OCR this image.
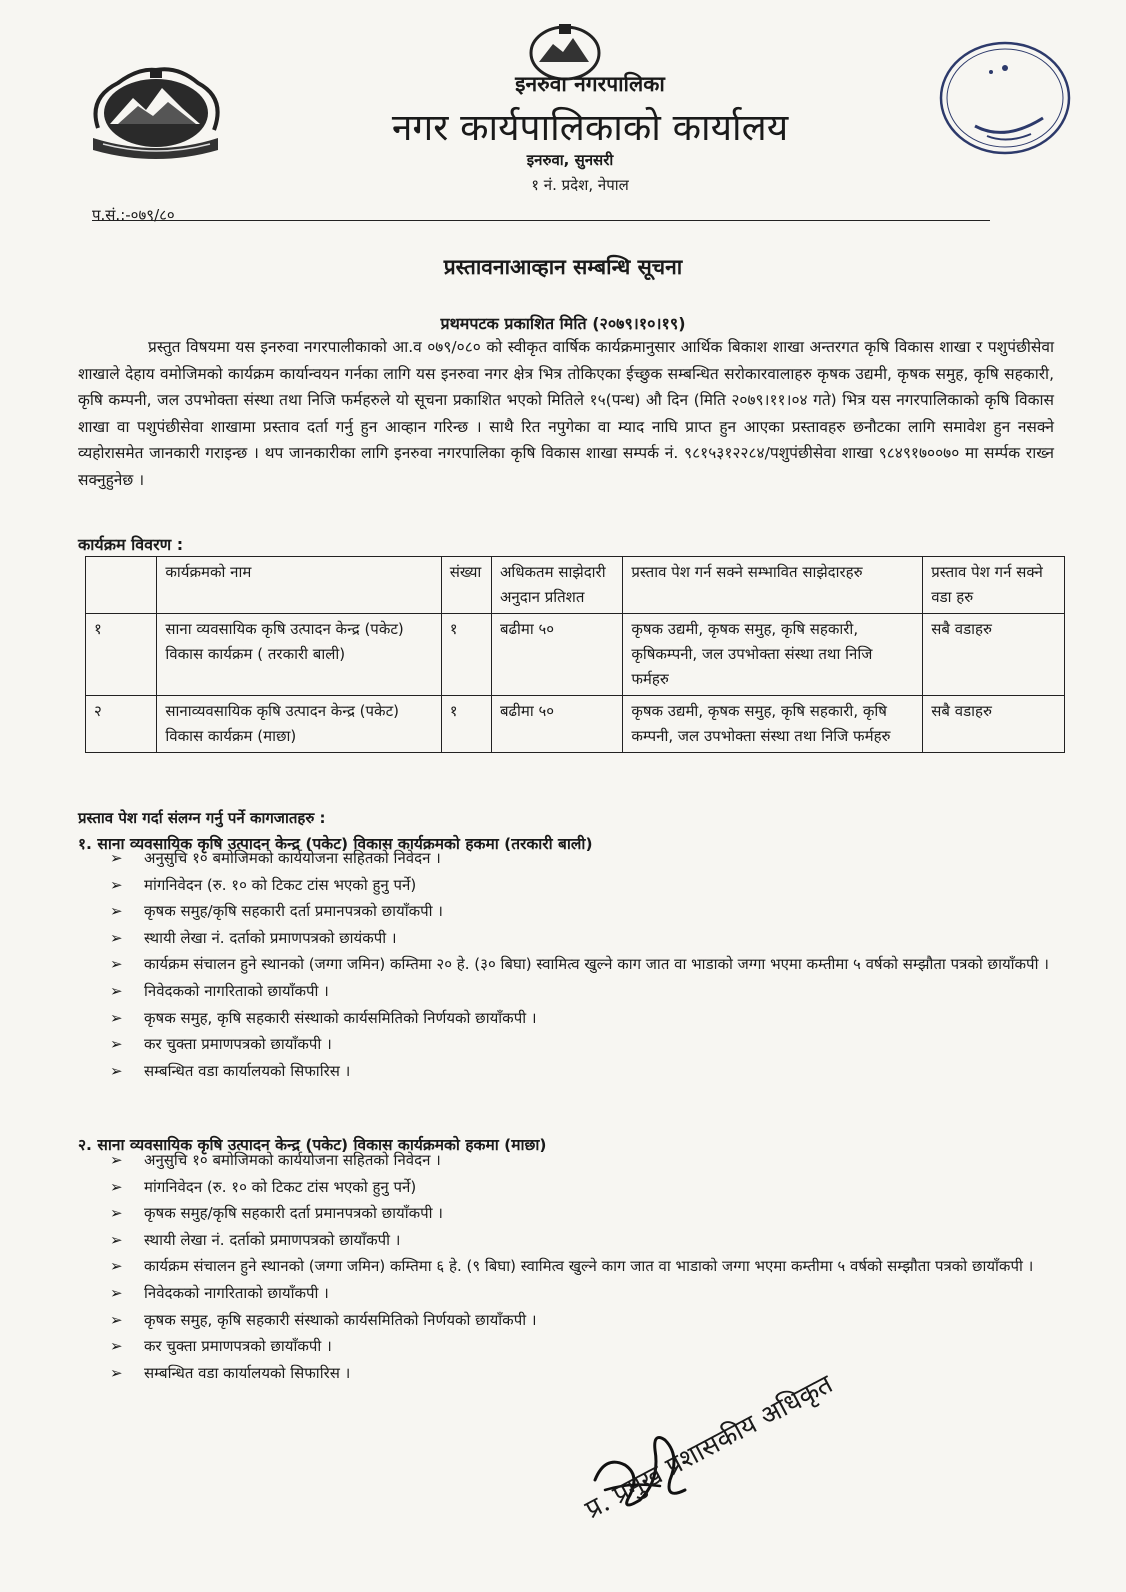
इनरुवा नगरपालिका
नगर कार्यपालिकाको कार्यालय
इनरुवा, सुनसरी
१ नं. प्रदेश, नेपाल
प.सं.:-०७९/८०
प्रस्तावनाआव्हान सम्बन्धि सूचना
प्रथमपटक प्रकाशित मिति (२०७९।१०।१९)

प्रस्तुत विषयमा यस इनरुवा नगरपालीकाको आ.व ०७९/०८० को स्वीकृत वार्षिक कार्यक्रमानुसार आर्थिक बिकाश शाखा अन्तरगत कृषि विकास शाखा र पशुपंछीसेवा शाखाले देहाय वमोजिमको कार्यक्रम कार्यान्वयन गर्नका लागि यस इनरुवा नगर क्षेत्र भित्र तोकिएका ईच्छुक सम्बन्धित सरोकारवालाहरु कृषक उद्यमी, कृषक समुह, कृषि सहकारी, कृषि कम्पनी, जल उपभोक्ता संस्था तथा निजि फर्महरुले यो सूचना प्रकाशित भएको मितिले १५(पन्ध) औ दिन (मिति २०७९।११।०४ गते) भित्र यस नगरपालिकाको कृषि विकास शाखा वा पशुपंछीसेवा शाखामा प्रस्ताव दर्ता गर्नु हुन आव्हान गरिन्छ । साथै रित नपुगेका वा म्याद नाघि प्राप्त हुन आएका प्रस्तावहरु छनौटका लागि समावेश हुन नसक्ने व्यहोरासमेत जानकारी गराइन्छ । थप जानकारीका लागि इनरुवा नगरपालिका कृषि विकास शाखा सम्पर्क नं. ९८१५३१२२८४/पशुपंछीसेवा शाखा ९८४९१७००७० मा सर्म्पक राख्न सक्नुहुनेछ ।

कार्यक्रम विवरण :
	कार्यक्रमको नाम	संख्या	अधिकतम साझेदारी अनुदान प्रतिशत	प्रस्ताव पेश गर्न सक्ने सम्भावित साझेदारहरु	प्रस्ताव पेश गर्न सक्ने वडा हरु
१	साना व्यवसायिक कृषि उत्पादन केन्द्र (पकेट) विकास कार्यक्रम ( तरकारी बाली)	१	बढीमा ५०	कृषक उद्यमी, कृषक समुह, कृषि सहकारी, कृषिकम्पनी, जल उपभोक्ता संस्था तथा निजि फर्महरु	सबै वडाहरु
२	सानाव्यवसायिक कृषि उत्पादन केन्द्र (पकेट) विकास कार्यक्रम (माछा)	१	बढीमा ५०	कृषक उद्यमी, कृषक समुह, कृषि सहकारी, कृषि कम्पनी, जल उपभोक्ता संस्था तथा निजि फर्महरु	सबै वडाहरु
प्रस्ताव पेश गर्दा संलग्न गर्नु पर्ने कागजातहरु :
१. साना व्यवसायिक कृषि उत्पादन केन्द्र (पकेट) विकास कार्यक्रमको हकमा (तरकारी बाली)
➢ अनुसुचि १० बमोजिमको कार्ययोजना सहितको निवेदन ।
➢ मांगनिवेदन (रु. १० को टिकट टांस भएको हुनु पर्ने)
➢ कृषक समुह/कृषि सहकारी दर्ता प्रमानपत्रको छायाँकपी ।
➢ स्थायी लेखा नं. दर्ताको प्रमाणपत्रको छायंकपी ।
➢ कार्यक्रम संचालन हुने स्थानको (जग्गा जमिन) कम्तिमा २० हे. (३० बिघा) स्वामित्व खुल्ने काग जात वा भाडाको जग्गा भएमा कम्तीमा ५ वर्षको सम्झौता पत्रको छायाँकपी ।
➢ निवेदकको नागरिताको छायाँकपी ।
➢ कृषक समुह, कृषि सहकारी संस्थाको कार्यसमितिको निर्णयको छायाँकपी ।
➢ कर चुक्ता प्रमाणपत्रको छायाँकपी ।
➢ सम्बन्धित वडा कार्यालयको सिफारिस ।
२. साना व्यवसायिक कृषि उत्पादन केन्द्र (पकेट) विकास कार्यक्रमको हकमा (माछा)
➢ अनुसुचि १० बमोजिमको कार्ययोजना सहितको निवेदन ।
➢ मांगनिवेदन (रु. १० को टिकट टांस भएको हुनु पर्ने)
➢ कृषक समुह/कृषि सहकारी दर्ता प्रमानपत्रको छायाँकपी ।
➢ स्थायी लेखा नं. दर्ताको प्रमाणपत्रको छायाँकपी ।
➢ कार्यक्रम संचालन हुने स्थानको (जग्गा जमिन) कम्तिमा ६ हे. (९ बिघा) स्वामित्व खुल्ने काग जात वा भाडाको जग्गा भएमा कम्तीमा ५ वर्षको सम्झौता पत्रको छायाँकपी ।
➢ निवेदकको नागरिताको छायाँकपी ।
➢ कृषक समुह, कृषि सहकारी संस्थाको कार्यसमितिको निर्णयको छायाँकपी ।
➢ कर चुक्ता प्रमाणपत्रको छायाँकपी ।
➢ सम्बन्धित वडा कार्यालयको सिफारिस ।	प्र. प्रमुख प्रशासकीय अधिकृत
